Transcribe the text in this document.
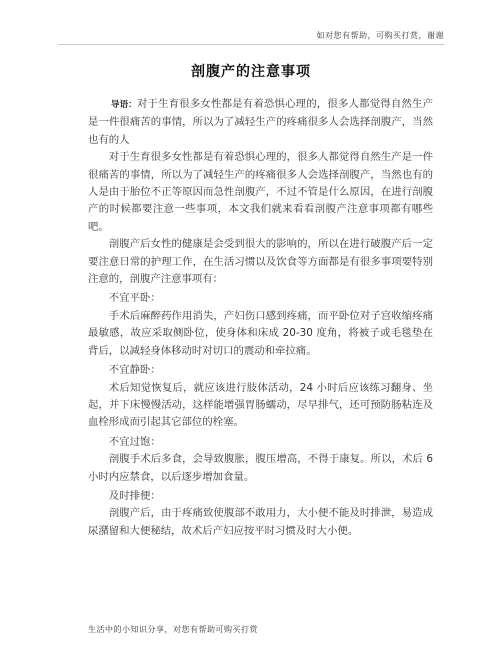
如对您有帮助，可购买打赏，谢谢
剖腹产的注意事项

导语：对于生育很多女性都是有着恐惧心理的，很多人都觉得自然生产是一件很痛苦的事情，所以为了减轻生产的疼痛很多人会选择剖腹产，当然也有的人

对于生育很多女性都是有着恐惧心理的，很多人都觉得自然生产是一件很痛苦的事情，所以为了减轻生产的疼痛很多人会选择剖腹产，当然也有的人是由于胎位不正等原因而急性剖腹产，不过不管是什么原因，在进行剖腹产的时候都要注意一些事项，本文我们就来看看剖腹产注意事项都有哪些吧。

剖腹产后女性的健康是会受到很大的影响的，所以在进行破腹产后一定要注意日常的护理工作，在生活习惯以及饮食等方面都是有很多事项要特别注意的，剖腹产注意事项有：

不宜平卧：

手术后麻醉药作用消失，产妇伤口感到疼痛，而平卧位对子宫收缩疼痛最敏感，故应采取侧卧位，使身体和床成 20-30 度角，将被子或毛毯垫在背后，以减轻身体移动时对切口的震动和牵拉痛。

不宜静卧：

术后知觉恢复后，就应该进行肢体活动，24 小时后应该练习翻身、坐起，并下床慢慢活动，这样能增强胃肠蠕动，尽早排气，还可预防肠粘连及血栓形成而引起其它部位的栓塞。

不宜过饱：

剖腹手术后多食，会导致腹胀，腹压增高，不得于康复。所以，术后 6 小时内应禁食，以后逐步增加食量。

及时排便：

剖腹产后，由于疼痛致使腹部不敢用力，大小便不能及时排泄，易造成尿潴留和大便秘结，故术后产妇应按平时习惯及时大小便。

生活中的小知识分享，对您有帮助可购买打赏
